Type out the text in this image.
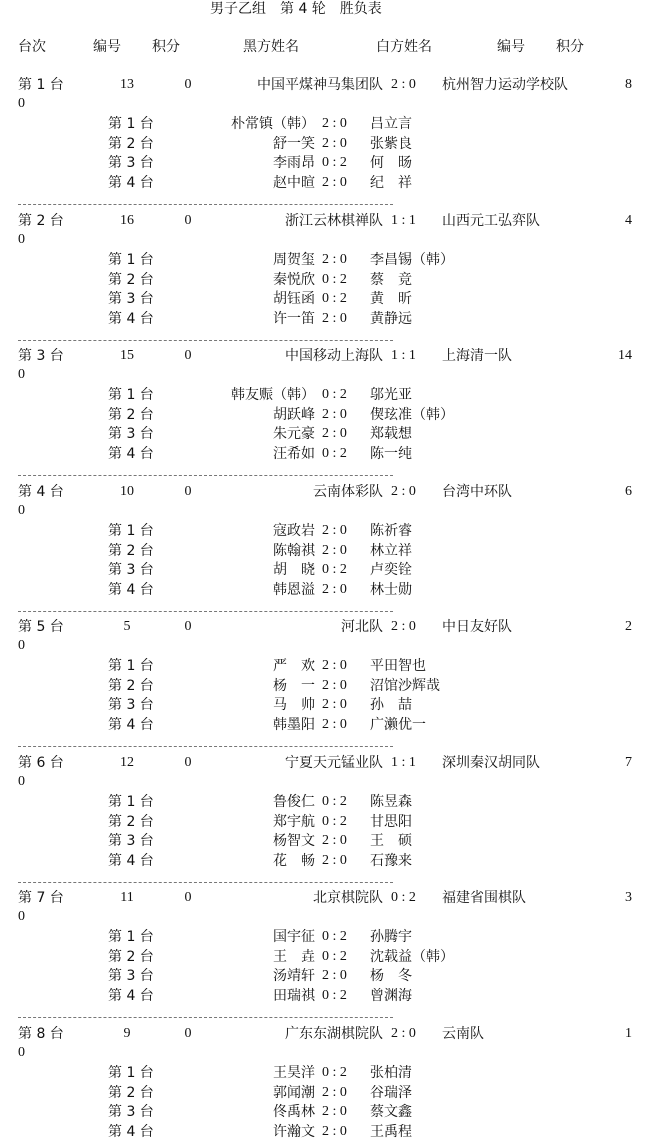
男子乙组　第 4 轮　胜负表
台次	编号 积分	黑方姓名	白方姓名	编号 积分
第 1 台	13	0	中国平煤神马集团队 2 : 0 杭州智力运动学校队	8
0
第 1 台	朴常镇（韩） 2 : 0 吕立言
第 2 台	舒一笑 2 : 0 张紫良
第 3 台	李雨昂 0 : 2 何　旸
第 4 台	赵中暄 2 : 0 纪　祥
第 2 台	16	0	浙江云林棋禅队 1 : 1 山西元工弘弈队	4
0
第 1 台	周贺玺 2 : 0 李昌锡（韩）
第 2 台	秦悦欣 0 : 2 蔡　竞
第 3 台	胡钰函 0 : 2 黄　昕
第 4 台	许一笛 2 : 0 黄静远
第 3 台	15	0	中国移动上海队 1 : 1 上海清一队	14
0
第 1 台	韩友赈（韩） 0 : 2 邬光亚
第 2 台	胡跃峰 2 : 0 偰玹准（韩）
第 3 台	朱元豪 2 : 0 郑载想
第 4 台	汪希如 0 : 2 陈一纯
第 4 台	10	0	云南体彩队 2 : 0 台湾中环队	6
0
第 1 台	寇政岩 2 : 0 陈祈睿
第 2 台	陈翰祺 2 : 0 林立祥
第 3 台	胡　晓 0 : 2 卢奕铨
第 4 台	韩恩溢 2 : 0 林士勋
第 5 台	5	0	河北队 2 : 0 中日友好队	2
0
第 1 台	严　欢 2 : 0 平田智也
第 2 台	杨　一 2 : 0 沼馆沙辉哉
第 3 台	马　帅 2 : 0 孙　喆
第 4 台	韩墨阳 2 : 0 广濑优一
第 6 台	12	0	宁夏天元锰业队 1 : 1 深圳秦汉胡同队	7
0
第 1 台	鲁俊仁 0 : 2 陈昱森
第 2 台	郑宇航 0 : 2 甘思阳
第 3 台	杨智文 2 : 0 王　硕
第 4 台	花　畅 2 : 0 石豫来
第 7 台	11	0	北京棋院队 0 : 2 福建省围棋队	3
0
第 1 台	国宇征 0 : 2 孙腾宇
第 2 台	王　垚 0 : 2 沈载益（韩）
第 3 台	汤靖轩 2 : 0 杨　冬
第 4 台	田瑞祺 0 : 2 曾渊海
第 8 台	9	0	广东东湖棋院队 2 : 0 云南队	1
0
第 1 台	王昊洋 0 : 2 张柏清
第 2 台	郭闻潮 2 : 0 谷瑞泽
第 3 台	佟禹林 2 : 0 蔡文鑫
第 4 台	许瀚文 2 : 0 王禹程
